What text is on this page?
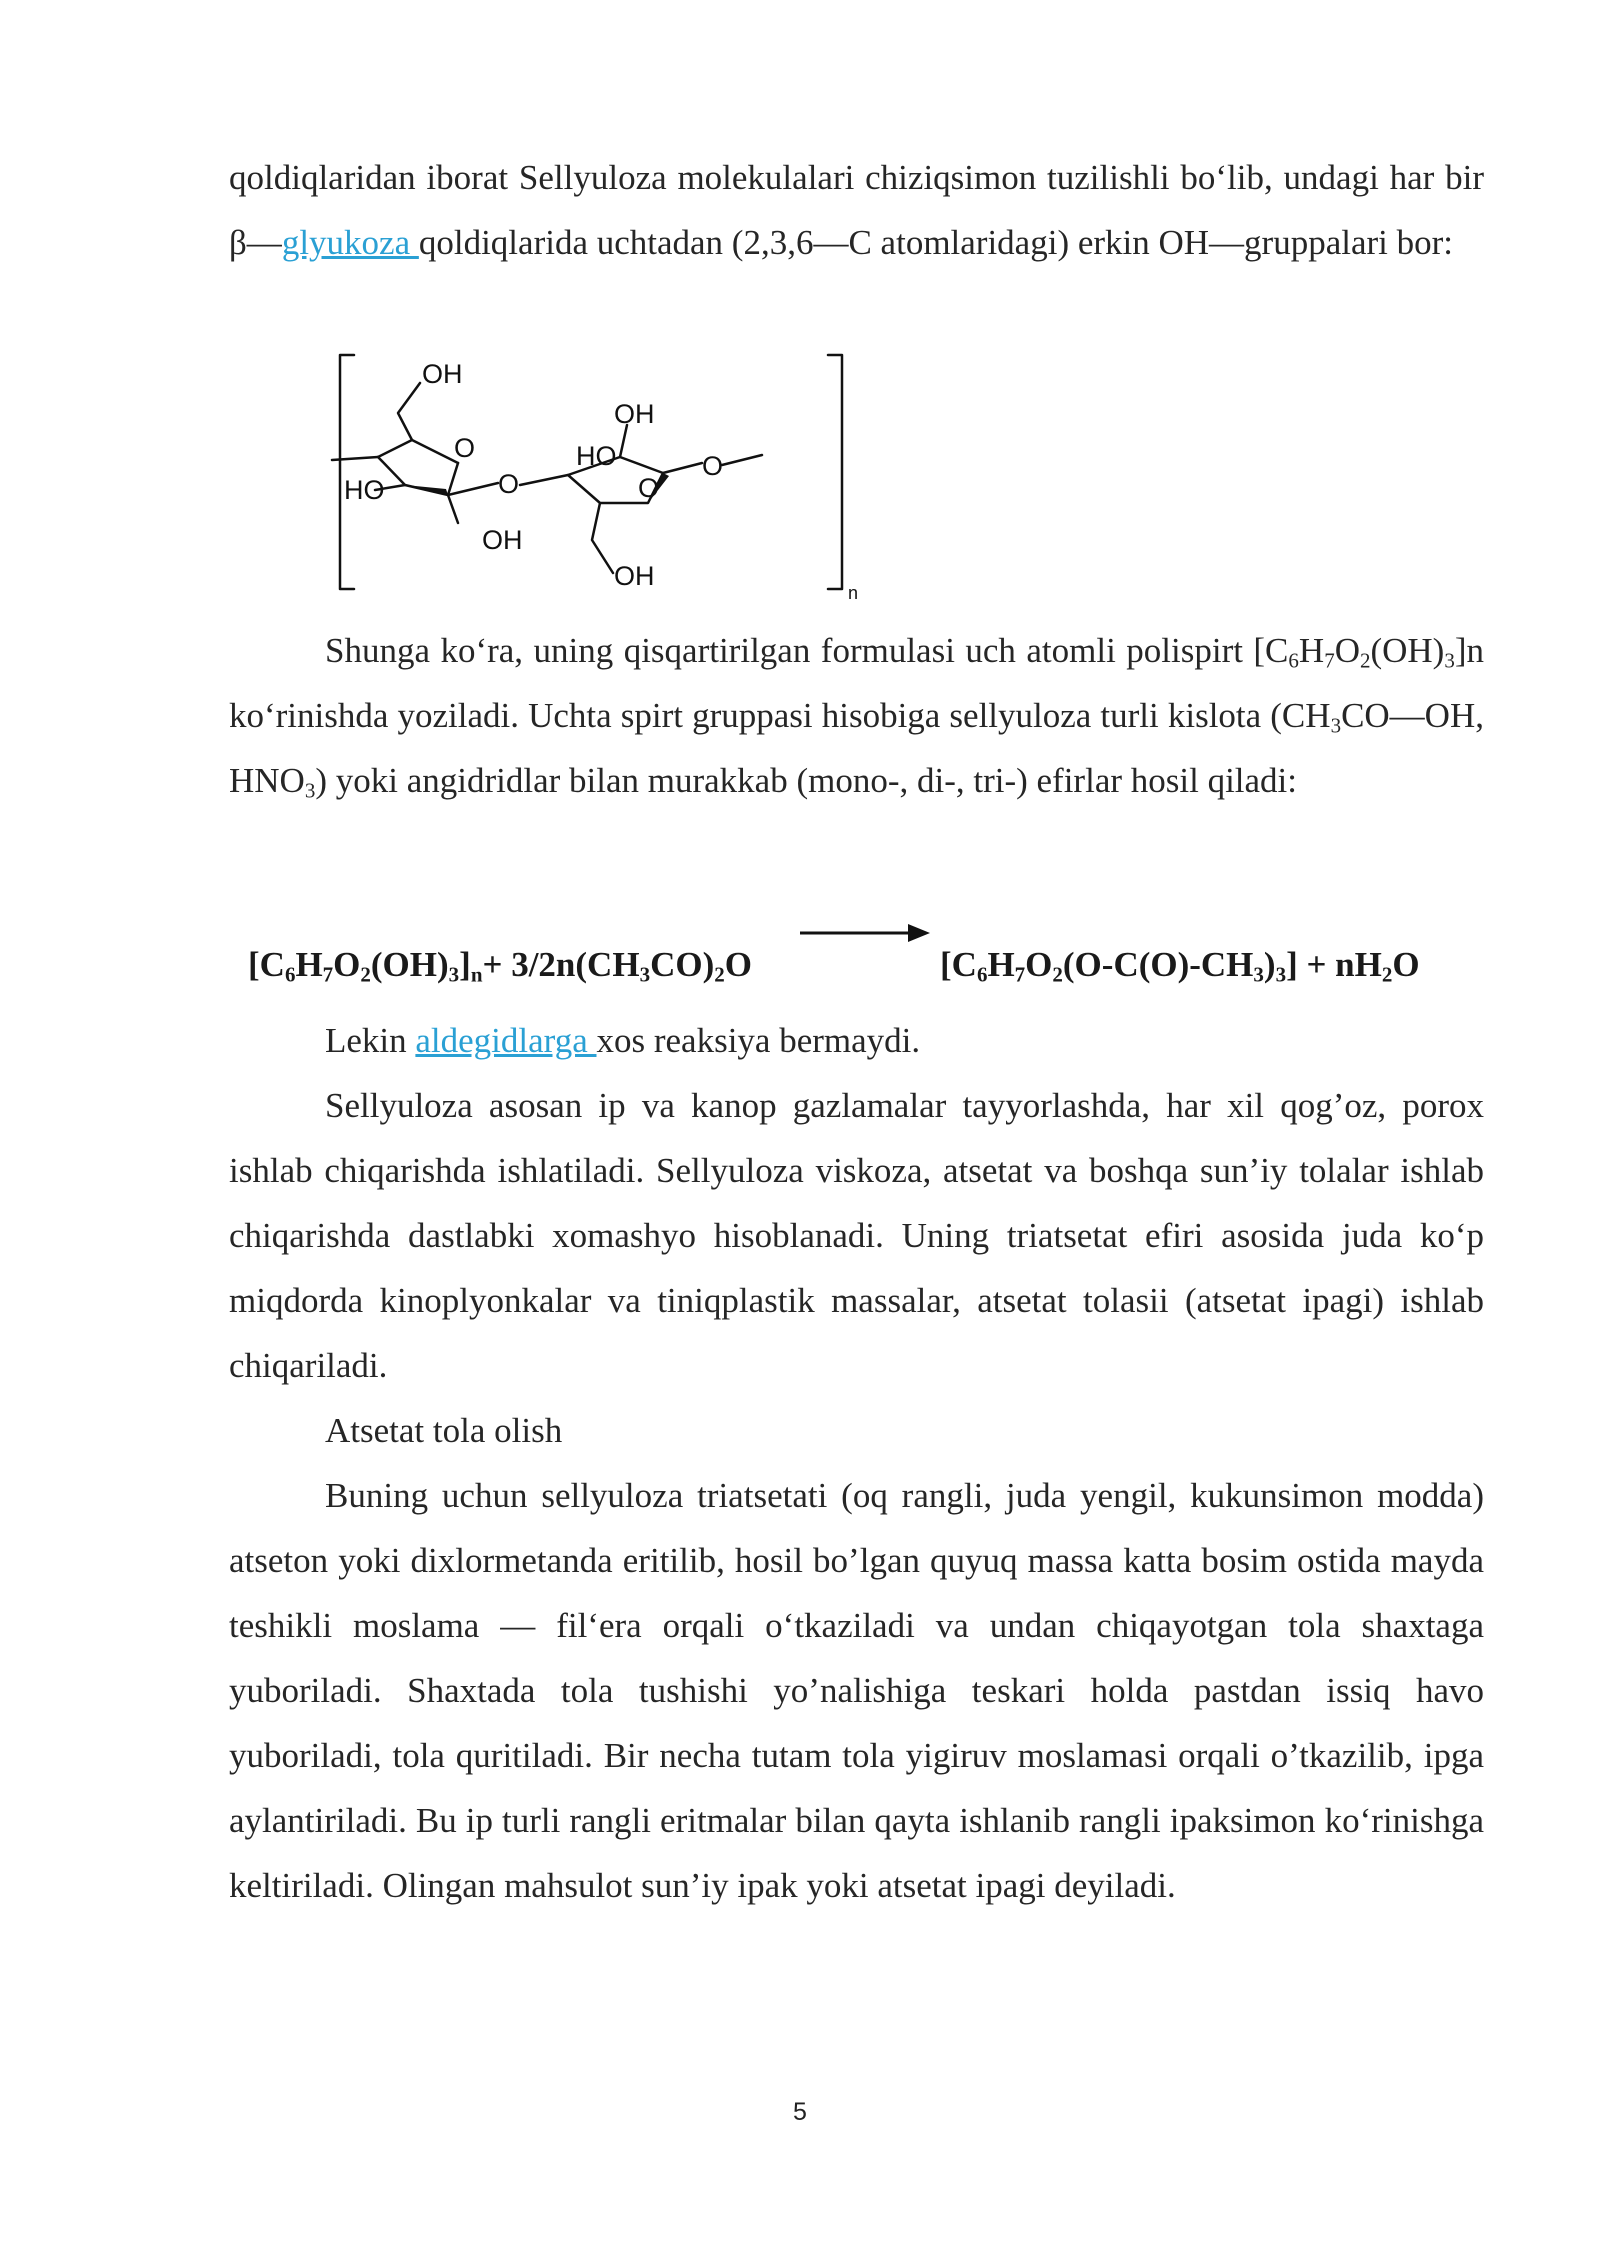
qoldiqlaridan iborat Sellyuloza molekulalari chiziqsimon tuzilishli bo‘lib, undagi har bir β—glyukoza qoldiqlarida uchtadan (2,3,6—C atomlaridagi) erkin OH—gruppalari bor:
OH
O
HO
OH
O
HO
OH
O
O
OH
n
Shunga ko‘ra, uning qisqartirilgan formulasi uch atomli polispirt $[C_6H_7O_2(OH)_3]n$ ko‘rinishda yoziladi. Uchta spirt gruppasi hisobiga sellyuloza turli kislota ($CH_3CO—OH$, $HNO_3$) yoki angidridlar bilan murakkab (mono-, di-, tri-) efirlar hosil qiladi:
$[C_6H_7O_2(OH)_3]_n+ 3/2n(CH_3CO)_2O$	$[C_6H_7O_2(O-C(O)-CH_3)_3] + nH_2O$
Lekin aldegidlarga xos reaksiya bermaydi.
Sellyuloza asosan ip va kanop gazlamalar tayyorlashda, har xil qog’oz, porox ishlab chiqarishda ishlatiladi. Sellyuloza viskoza, atsetat va boshqa sun’iy tolalar ishlab chiqarishda dastlabki xomashyo hisoblanadi. Uning triatsetat efiri asosida juda ko‘p miqdorda kinoplyonkalar va tiniqplastik massalar, atsetat tolasii (atsetat ipagi) ishlab chiqariladi.
Atsetat tola olish
Buning uchun sellyuloza triatsetati (oq rangli, juda yengil, kukunsimon modda) atseton yoki dixlormetanda eritilib, hosil bo’lgan quyuq massa katta bosim ostida mayda teshikli moslama — fil‘era orqali o‘tkaziladi va undan chiqayotgan tola shaxtaga yuboriladi. Shaxtada tola tushishi yo’nalishiga teskari holda pastdan issiq havo yuboriladi, tola quritiladi. Bir necha tutam tola yigiruv moslamasi orqali o’tkazilib, ipga aylantiriladi. Bu ip turli rangli eritmalar bilan qayta ishlanib rangli ipaksimon ko‘rinishga keltiriladi. Olingan mahsulot sun’iy ipak yoki atsetat ipagi deyiladi.
5
